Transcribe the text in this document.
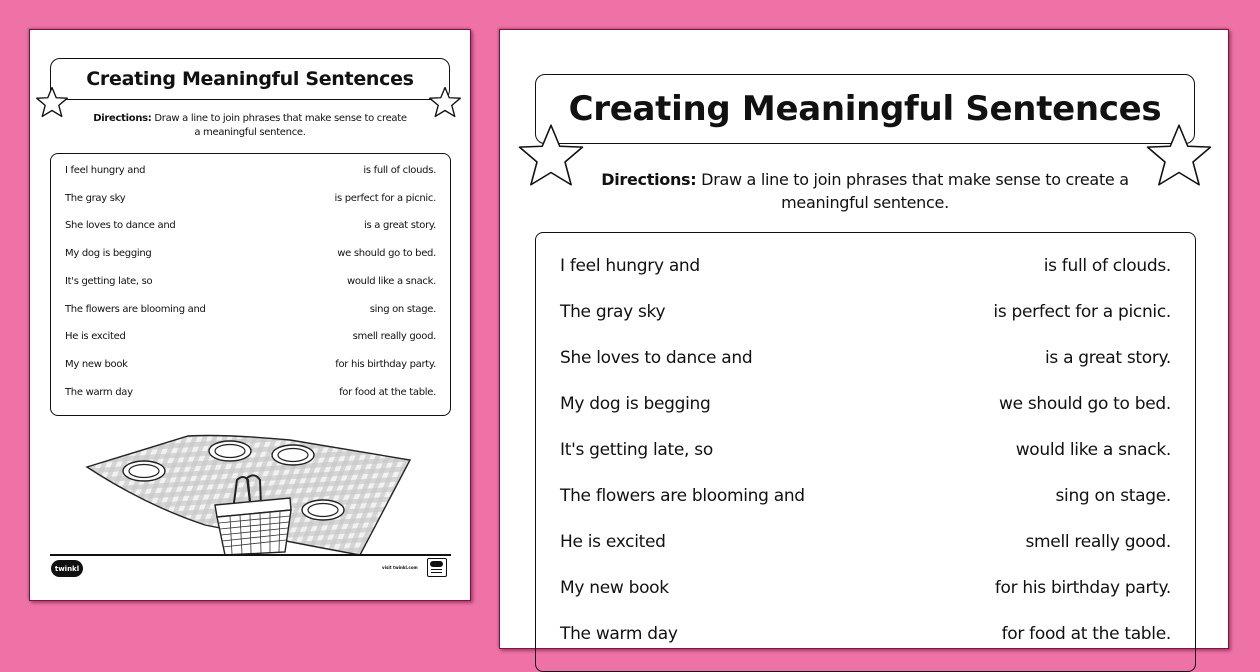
Creating Meaningful Sentences
Directions: Draw a line to join phrases that make sense to create a meaningful sentence.
I feel hungry and	is full of clouds.
The gray sky	is perfect for a picnic.
She loves to dance and	is a great story.
My dog is begging	we should go to bed.
It's getting late, so	would like a snack.
The flowers are blooming and	sing on stage.
He is excited	smell really good.
My new book	for his birthday party.
The warm day	for food at the table.
twinkl	visit twinkl.com
Creating Meaningful Sentences
Directions: Draw a line to join phrases that make sense to create a meaningful sentence.
I feel hungry and	is full of clouds.
The gray sky	is perfect for a picnic.
She loves to dance and	is a great story.
My dog is begging	we should go to bed.
It's getting late, so	would like a snack.
The flowers are blooming and	sing on stage.
He is excited	smell really good.
My new book	for his birthday party.
The warm day	for food at the table.
